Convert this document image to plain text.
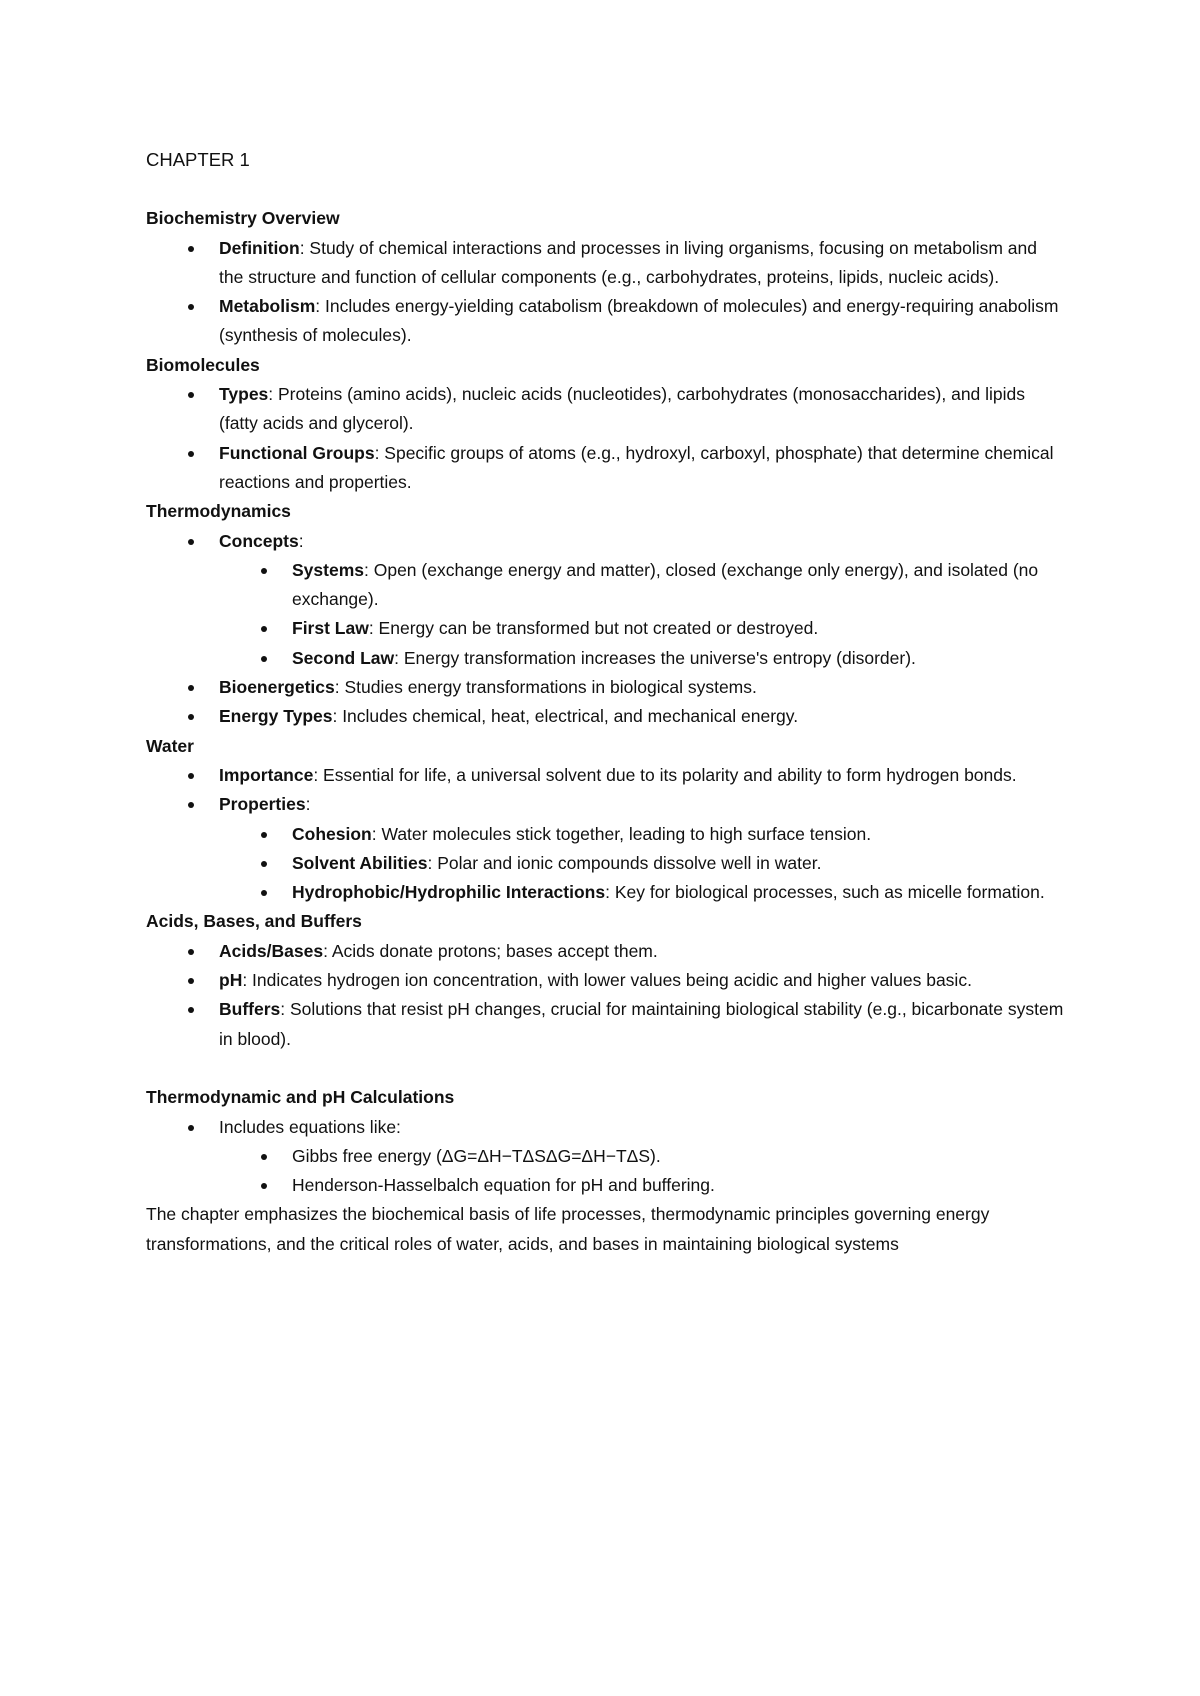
CHAPTER 1
Biochemistry Overview
Definition: Study of chemical interactions and processes in living organisms, focusing on metabolism and the structure and function of cellular components (e.g., carbohydrates, proteins, lipids, nucleic acids).
Metabolism: Includes energy-yielding catabolism (breakdown of molecules) and energy-requiring anabolism (synthesis of molecules).
Biomolecules
Types: Proteins (amino acids), nucleic acids (nucleotides), carbohydrates (monosaccharides), and lipids (fatty acids and glycerol).
Functional Groups: Specific groups of atoms (e.g., hydroxyl, carboxyl, phosphate) that determine chemical reactions and properties.
Thermodynamics
Concepts:
Systems: Open (exchange energy and matter), closed (exchange only energy), and isolated (no exchange).
First Law: Energy can be transformed but not created or destroyed.
Second Law: Energy transformation increases the universe's entropy (disorder).
Bioenergetics: Studies energy transformations in biological systems.
Energy Types: Includes chemical, heat, electrical, and mechanical energy.
Water
Importance: Essential for life, a universal solvent due to its polarity and ability to form hydrogen bonds.
Properties:
Cohesion: Water molecules stick together, leading to high surface tension.
Solvent Abilities: Polar and ionic compounds dissolve well in water.
Hydrophobic/Hydrophilic Interactions: Key for biological processes, such as micelle formation.
Acids, Bases, and Buffers
Acids/Bases: Acids donate protons; bases accept them.
pH: Indicates hydrogen ion concentration, with lower values being acidic and higher values basic.
Buffers: Solutions that resist pH changes, crucial for maintaining biological stability (e.g., bicarbonate system in blood).
Thermodynamic and pH Calculations
Includes equations like:
Gibbs free energy (ΔG=ΔH−TΔSΔG=ΔH−TΔS).
Henderson-Hasselbalch equation for pH and buffering.

The chapter emphasizes the biochemical basis of life processes, thermodynamic principles governing energy transformations, and the critical roles of water, acids, and bases in maintaining biological systems
